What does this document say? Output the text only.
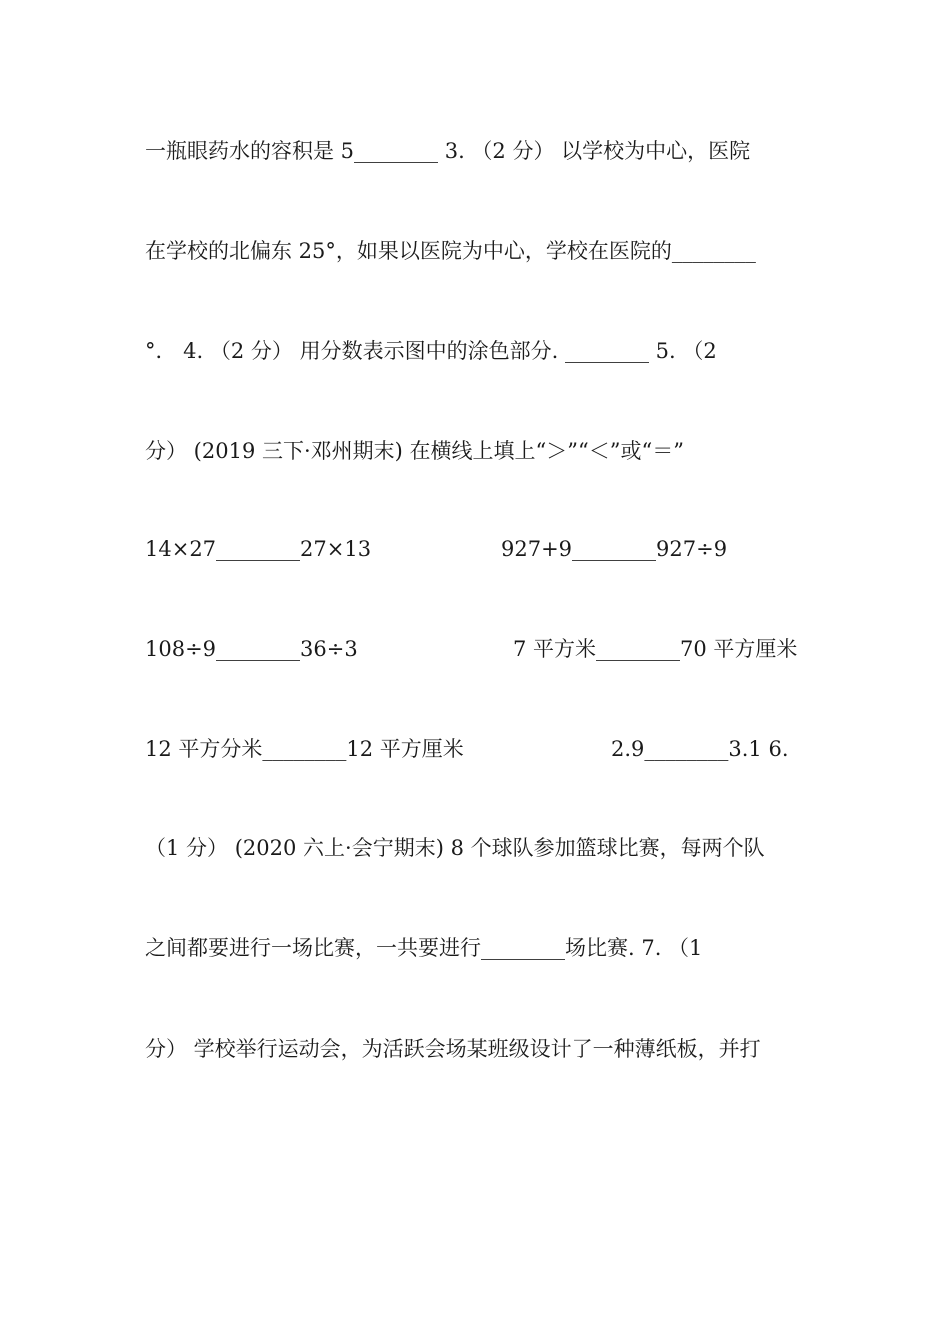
一瓶眼药水的容积是 5________ 3. （2 分） 以学校为中心，医院
在学校的北偏东 25°，如果以医院为中心，学校在医院的________
°． 4. （2 分） 用分数表示图中的涂色部分. ________ 5. （2
分） (2019 三下·邓州期末) 在横线上填上“＞”“＜”或“＝”

14×27________27×13

	927+9________927÷9

108÷9________36÷3

	7 平方米________70 平方厘米

12 平方分米________12 平方厘米

	2.9________3.1 6.

（1 分） (2020 六上·会宁期末) 8 个球队参加篮球比赛，每两个队
之间都要进行一场比赛，一共要进行________场比赛. 7. （1
分） 学校举行运动会，为活跃会场某班级设计了一种薄纸板，并打
